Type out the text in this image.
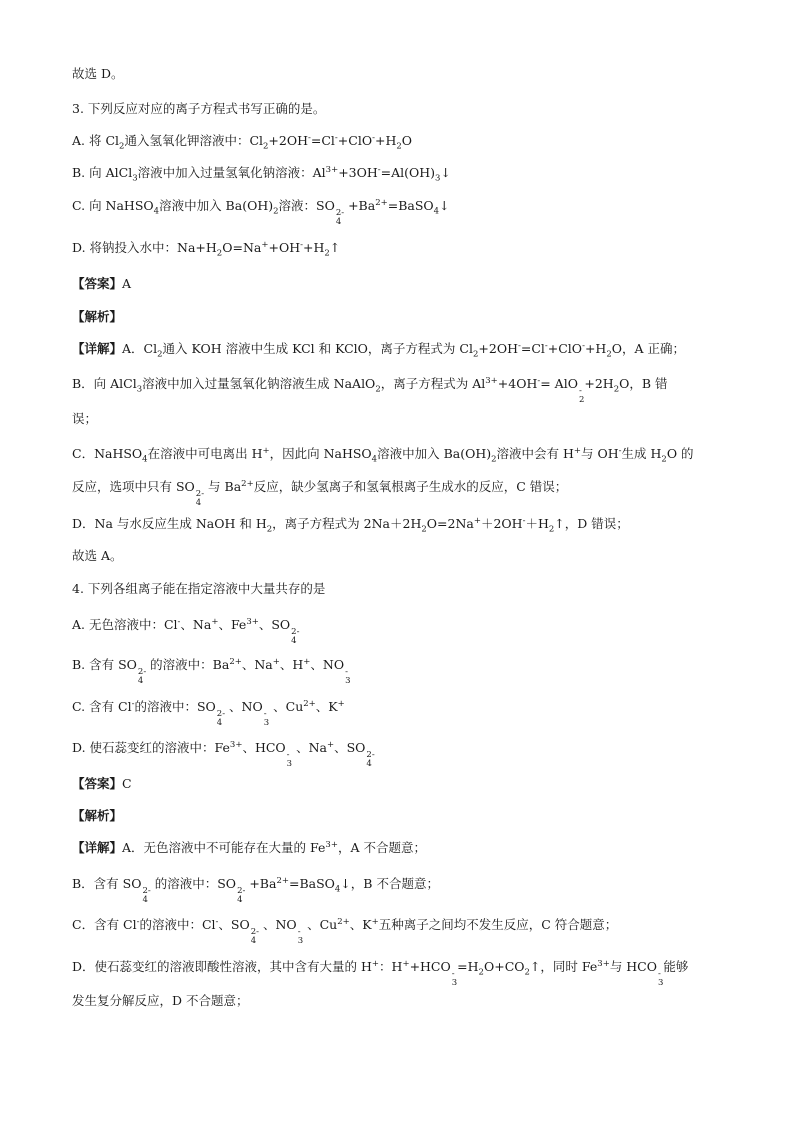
故选 D。
3. 下列反应对应的离子方程式书写正确的是。
A. 将 $Cl_2$通入氢氧化钾溶液中：$Cl_2+2OH^-=Cl^-+ClO^-+H_2O$
B. 向 AlCl$_3$溶液中加入过量氢氧化钠溶液：$Al^{3+}+3OH^-=Al(OH)_3↓$
C. 向 NaHSO$_4$溶液中加入 $Ba(OH)_2$溶液：SO 2-
4
$+Ba^{2+}=BaSO_4↓$
D. 将钠投入水中：$Na+H_2O=Na^++OH^-+H_2↑$
【答案】A
【解析】
【详解】A．$Cl_2$通入 KOH 溶液中生成 KCl 和 KClO，离子方程式为 $Cl_2+2OH^-=Cl^-+ClO^-+H_2O$，A 正确；
B．向 AlCl$_3$溶液中加入过量氢氧化钠溶液生成 NaAlO$_2$，离子方程式为 $Al^{3+}+4OH^-=$ AlO -
2
$+2H_2O$，B 错
误；
C．NaHSO$_4$在溶液中可电离出 H+，因此向 NaHSO$_4$溶液中加入 $Ba(OH)_2$溶液中会有 H+与 OH-生成 $H_2O$ 的
反应，选项中只有 SO 2-
4
与 $Ba^{2+}$反应，缺少氢离子和氢氧根离子生成水的反应，C 错误；
D．Na 与水反应生成 NaOH 和 $H_2$，离子方程式为 $2Na+2H_2O=2Na^++2OH^-+H_2↑$，D 错误；
故选 A。
4. 下列各组离子能在指定溶液中大量共存的是
A. 无色溶液中：Cl-、Na+、$Fe^{3+}$、SO 2-
4
B. 含有 SO 2-
4
的溶液中：$Ba^{2+}$、Na+、H+、NO -
3
C. 含有 Cl-的溶液中：SO 2-
4
、NO -
3
、$Cu^{2+}$、K+
D. 使石蕊变红的溶液中：$Fe^{3+}$、HCO -
3
、Na+、SO 2-
4
【答案】C
【解析】
【详解】A．无色溶液中不可能存在大量的 $Fe^{3+}$，A 不合题意；
B．含有 SO 2-
4
的溶液中：SO 2-
4
$+Ba^{2+}=BaSO_4↓$，B 不合题意；
C．含有 Cl-的溶液中：Cl-、SO 2-
4
、NO -
3
、$Cu^{2+}$、K+五种离子之间均不发生反应，C 符合题意；
D．使石蕊变红的溶液即酸性溶液，其中含有大量的 H+：H++HCO -
3
$=H_2O+CO_2↑$，同时 $Fe^{3+}$与 HCO -
3
能够
发生复分解反应，D 不合题意；
